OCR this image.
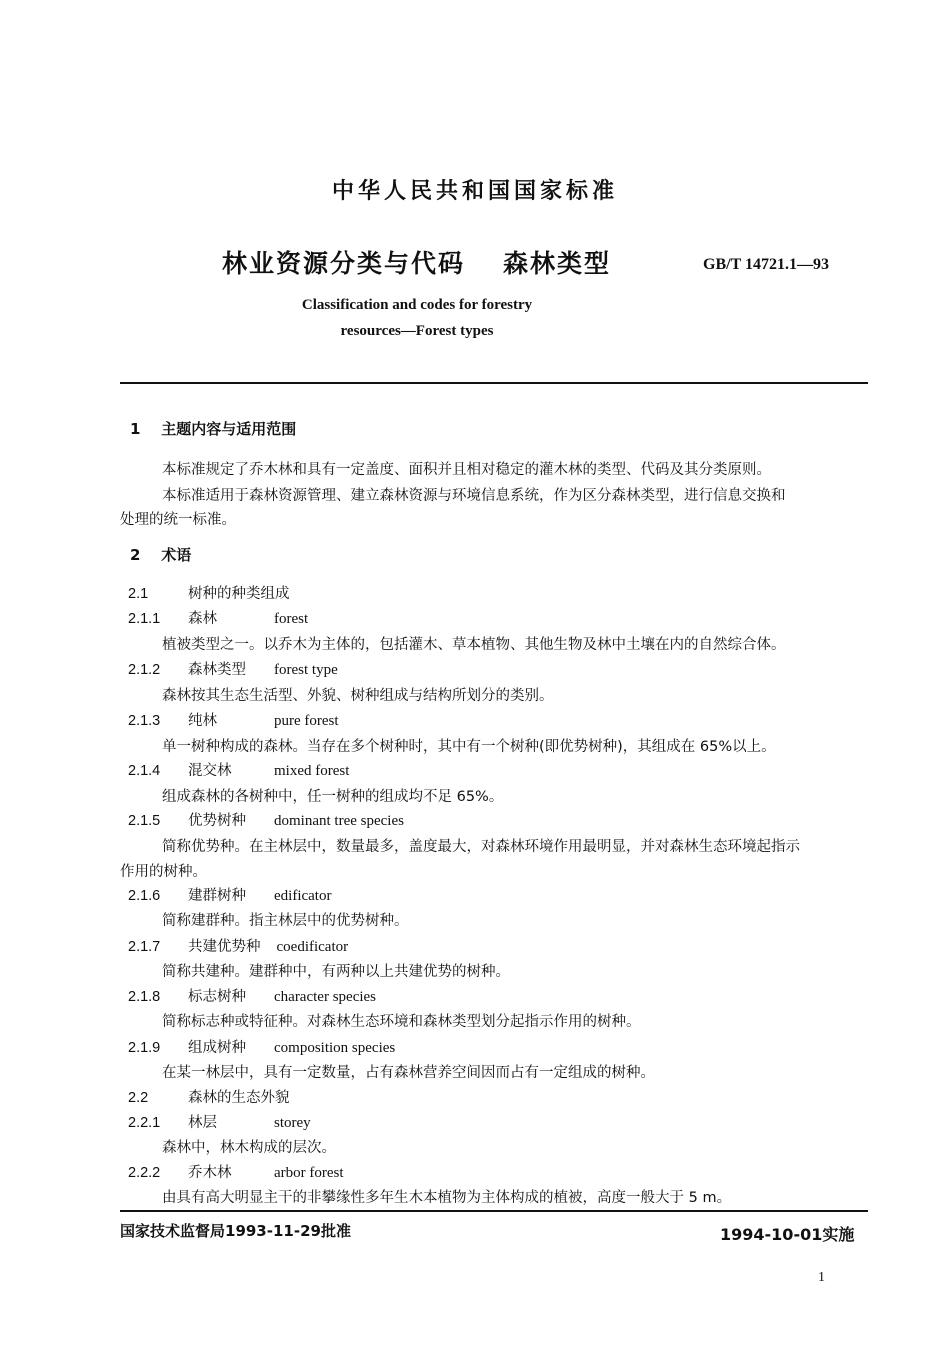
中华人民共和国国家标准
林业资源分类与代码 森林类型	GB/T 14721.1—93
Classification and codes for forestry
resources—Forest types
1 主题内容与适用范围
本标准规定了乔木林和具有一定盖度、面积并且相对稳定的灌木林的类型、代码及其分类原则。
本标准适用于森林资源管理、建立森林资源与环境信息系统，作为区分森林类型，进行信息交换和
处理的统一标准。
2 术语
2.1	树种的种类组成
2.1.1 森林	forest
植被类型之一。以乔木为主体的，包括灌木、草本植物、其他生物及林中土壤在内的自然综合体。
2.1.2 森林类型 forest type
森林按其生态生活型、外貌、树种组成与结构所划分的类别。
2.1.3 纯林	pure forest
单一树种构成的森林。当存在多个树种时，其中有一个树种(即优势树种)，其组成在 65%以上。
2.1.4 混交林	mixed forest
组成森林的各树种中，任一树种的组成均不足 65%。
2.1.5 优势树种 dominant tree species
简称优势种。在主林层中，数量最多，盖度最大，对森林环境作用最明显，并对森林生态环境起指示
作用的树种。
2.1.6 建群树种 edificator
简称建群种。指主林层中的优势树种。
2.1.7 共建优势种 coedificator
简称共建种。建群种中，有两种以上共建优势的树种。
2.1.8 标志树种 character species
简称标志种或特征种。对森林生态环境和森林类型划分起指示作用的树种。
2.1.9 组成树种 composition species
在某一林层中，具有一定数量，占有森林营养空间因而占有一定组成的树种。
2.2	森林的生态外貌
2.2.1 林层	storey
森林中，林木构成的层次。
2.2.2 乔木林	arbor forest
由具有高大明显主干的非攀缘性多年生木本植物为主体构成的植被，高度一般大于 5 m。
国家技术监督局1993-11-29批准	1994-10-01实施
1
